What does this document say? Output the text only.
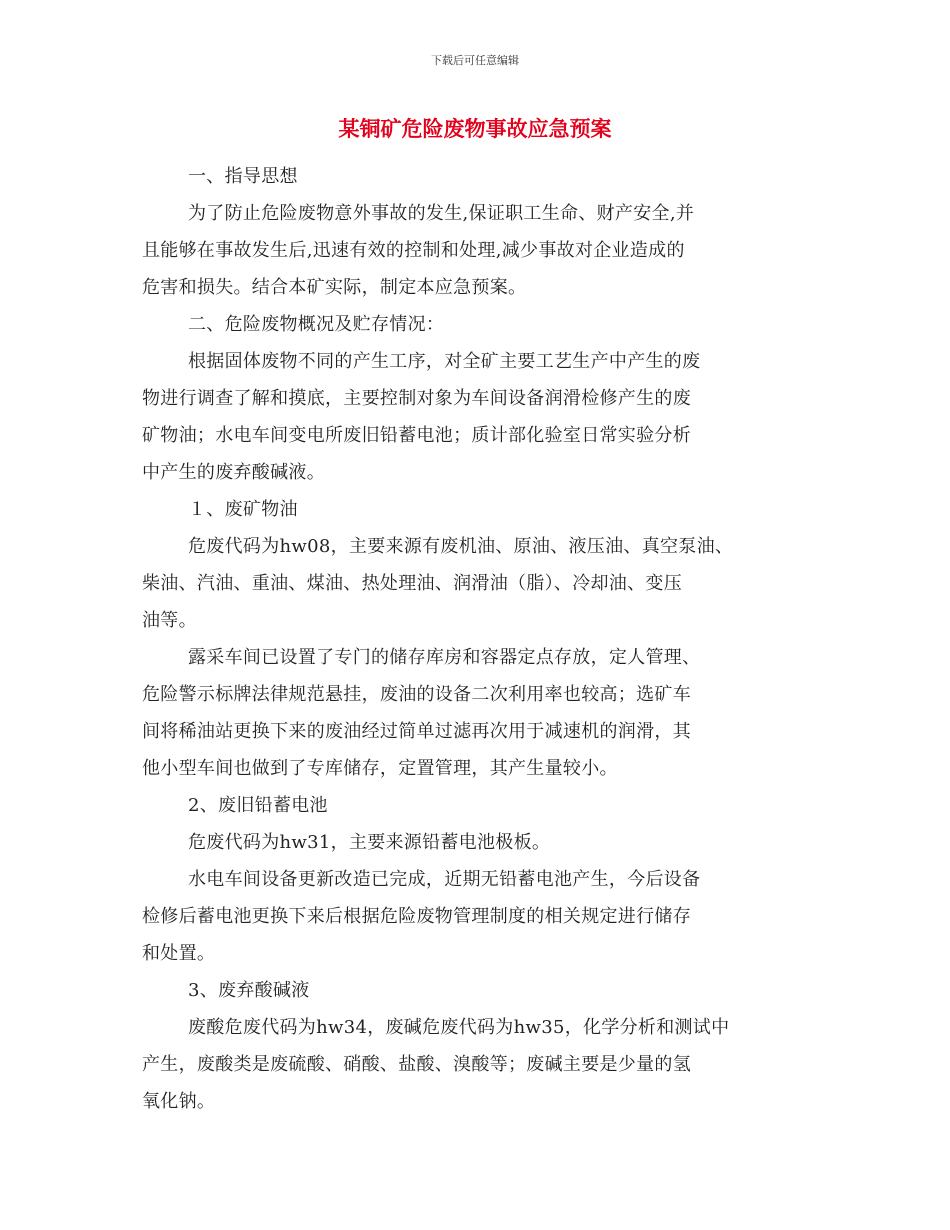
下载后可任意编辑
某铜矿危险废物事故应急预案
一、指导思想
为了防止危险废物意外事故的发生,保证职工生命、财产安全,并
且能够在事故发生后,迅速有效的控制和处理,减少事故对企业造成的
危害和损失。结合本矿实际，制定本应急预案。
二、危险废物概况及贮存情况：
根据固体废物不同的产生工序，对全矿主要工艺生产中产生的废
物进行调查了解和摸底，主要控制对象为车间设备润滑检修产生的废
矿物油；水电车间变电所废旧铅蓄电池；质计部化验室日常实验分析
中产生的废弃酸碱液。
１、废矿物油
危废代码为hw08，主要来源有废机油、原油、液压油、真空泵油、
柴油、汽油、重油、煤油、热处理油、润滑油（脂）、冷却油、变压
油等。
露采车间已设置了专门的储存库房和容器定点存放，定人管理、
危险警示标牌法律规范悬挂，废油的设备二次利用率也较高；选矿车
间将稀油站更换下来的废油经过简单过滤再次用于减速机的润滑，其
他小型车间也做到了专库储存，定置管理，其产生量较小。
2、废旧铅蓄电池
危废代码为hw31，主要来源铅蓄电池极板。
水电车间设备更新改造已完成，近期无铅蓄电池产生，今后设备
检修后蓄电池更换下来后根据危险废物管理制度的相关规定进行储存
和处置。
3、废弃酸碱液
废酸危废代码为hw34，废碱危废代码为hw35，化学分析和测试中
产生，废酸类是废硫酸、硝酸、盐酸、溴酸等；废碱主要是少量的氢
氧化钠。
